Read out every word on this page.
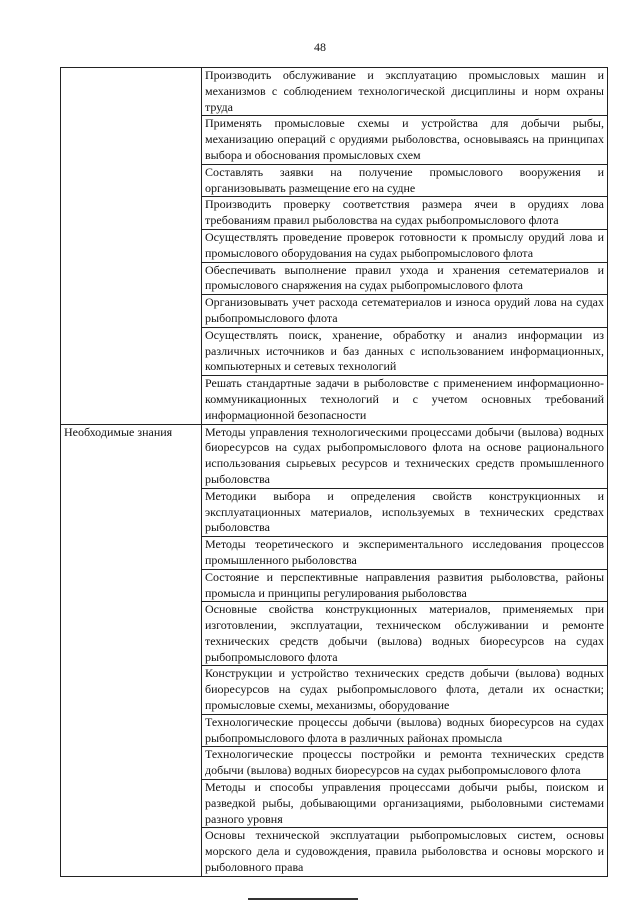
48
	Производить обслуживание и эксплуатацию промысловых машин и механизмов с соблюдением технологической дисциплины и норм охраны труда
	Применять промысловые схемы и устройства для добычи рыбы, механизацию операций с орудиями рыболовства, основываясь на принципах выбора и обоснования промысловых схем
	Составлять заявки на получение промыслового вооружения и организовывать размещение его на судне
	Производить проверку соответствия размера ячеи в орудиях лова требованиям правил рыболовства на судах рыбопромыслового флота
	Осуществлять проведение проверок готовности к промыслу орудий лова и промыслового оборудования на судах рыбопромыслового флота
	Обеспечивать выполнение правил ухода и хранения сетематериалов и промыслового снаряжения на судах рыбопромыслового флота
	Организовывать учет расхода сетематериалов и износа орудий лова на судах рыбопромыслового флота
	Осуществлять поиск, хранение, обработку и анализ информации из различных источников и баз данных с использованием информационных, компьютерных и сетевых технологий
	Решать стандартные задачи в рыболовстве с применением информационно-коммуникационных технологий и с учетом основных требований информационной безопасности
Необходимые знания	Методы управления технологическими процессами добычи (вылова) водных биоресурсов на судах рыбопромыслового флота на основе рационального использования сырьевых ресурсов и технических средств промышленного рыболовства
	Методики выбора и определения свойств конструкционных и эксплуатационных материалов, используемых в технических средствах рыболовства
	Методы теоретического и экспериментального исследования процессов промышленного рыболовства
	Состояние и перспективные направления развития рыболовства, районы промысла и принципы регулирования рыболовства
	Основные свойства конструкционных материалов, применяемых при изготовлении, эксплуатации, техническом обслуживании и ремонте технических средств добычи (вылова) водных биоресурсов на судах рыбопромыслового флота
	Конструкции и устройство технических средств добычи (вылова) водных биоресурсов на судах рыбопромыслового флота, детали их оснастки; промысловые схемы, механизмы, оборудование
	Технологические процессы добычи (вылова) водных биоресурсов на судах рыбопромыслового флота в различных районах промысла
	Технологические процессы постройки и ремонта технических средств добычи (вылова) водных биоресурсов на судах рыбопромыслового флота
	Методы и способы управления процессами добычи рыбы, поиском и разведкой рыбы, добывающими организациями, рыболовными системами разного уровня
	Основы технической эксплуатации рыбопромысловых систем, основы морского дела и судовождения, правила рыболовства и основы морского и рыболовного права
